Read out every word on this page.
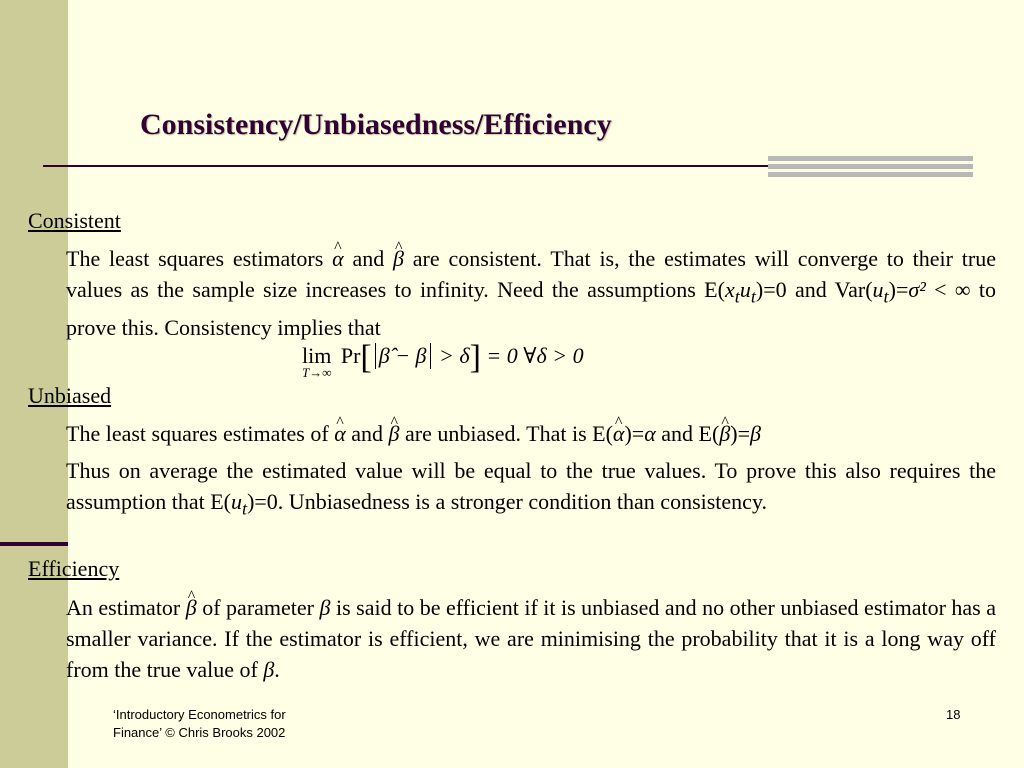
Consistency/Unbiasedness/Efficiency

Consistent

The least squares estimators ^ α and ^ β are consistent. That is, the estimates will converge to their true values as the sample size increases to infinity. Need the assumptions $E(x_tu_t)=0$ and $Var(u_t)=\sigma^2$ < ∞ to prove this. Consistency implies that

lim
T→∞
Pr[ β̂ − β > δ] = 0 ∀δ > 0

Unbiased

The least squares estimates of ^ α and ^ β are unbiased. That is E(^ α)=α and E(^ β)=β

Thus on average the estimated value will be equal to the true values. To prove this also requires the assumption that $E(u_t)=0$. Unbiasedness is a stronger condition than consistency.

Efficiency

An estimator ^ β of parameter β is said to be efficient if it is unbiased and no other unbiased estimator has a smaller variance. If the estimator is efficient, we are minimising the probability that it is a long way off from the true value of β.

‘Introductory Econometrics for Finance’ © Chris Brooks 2002
18
